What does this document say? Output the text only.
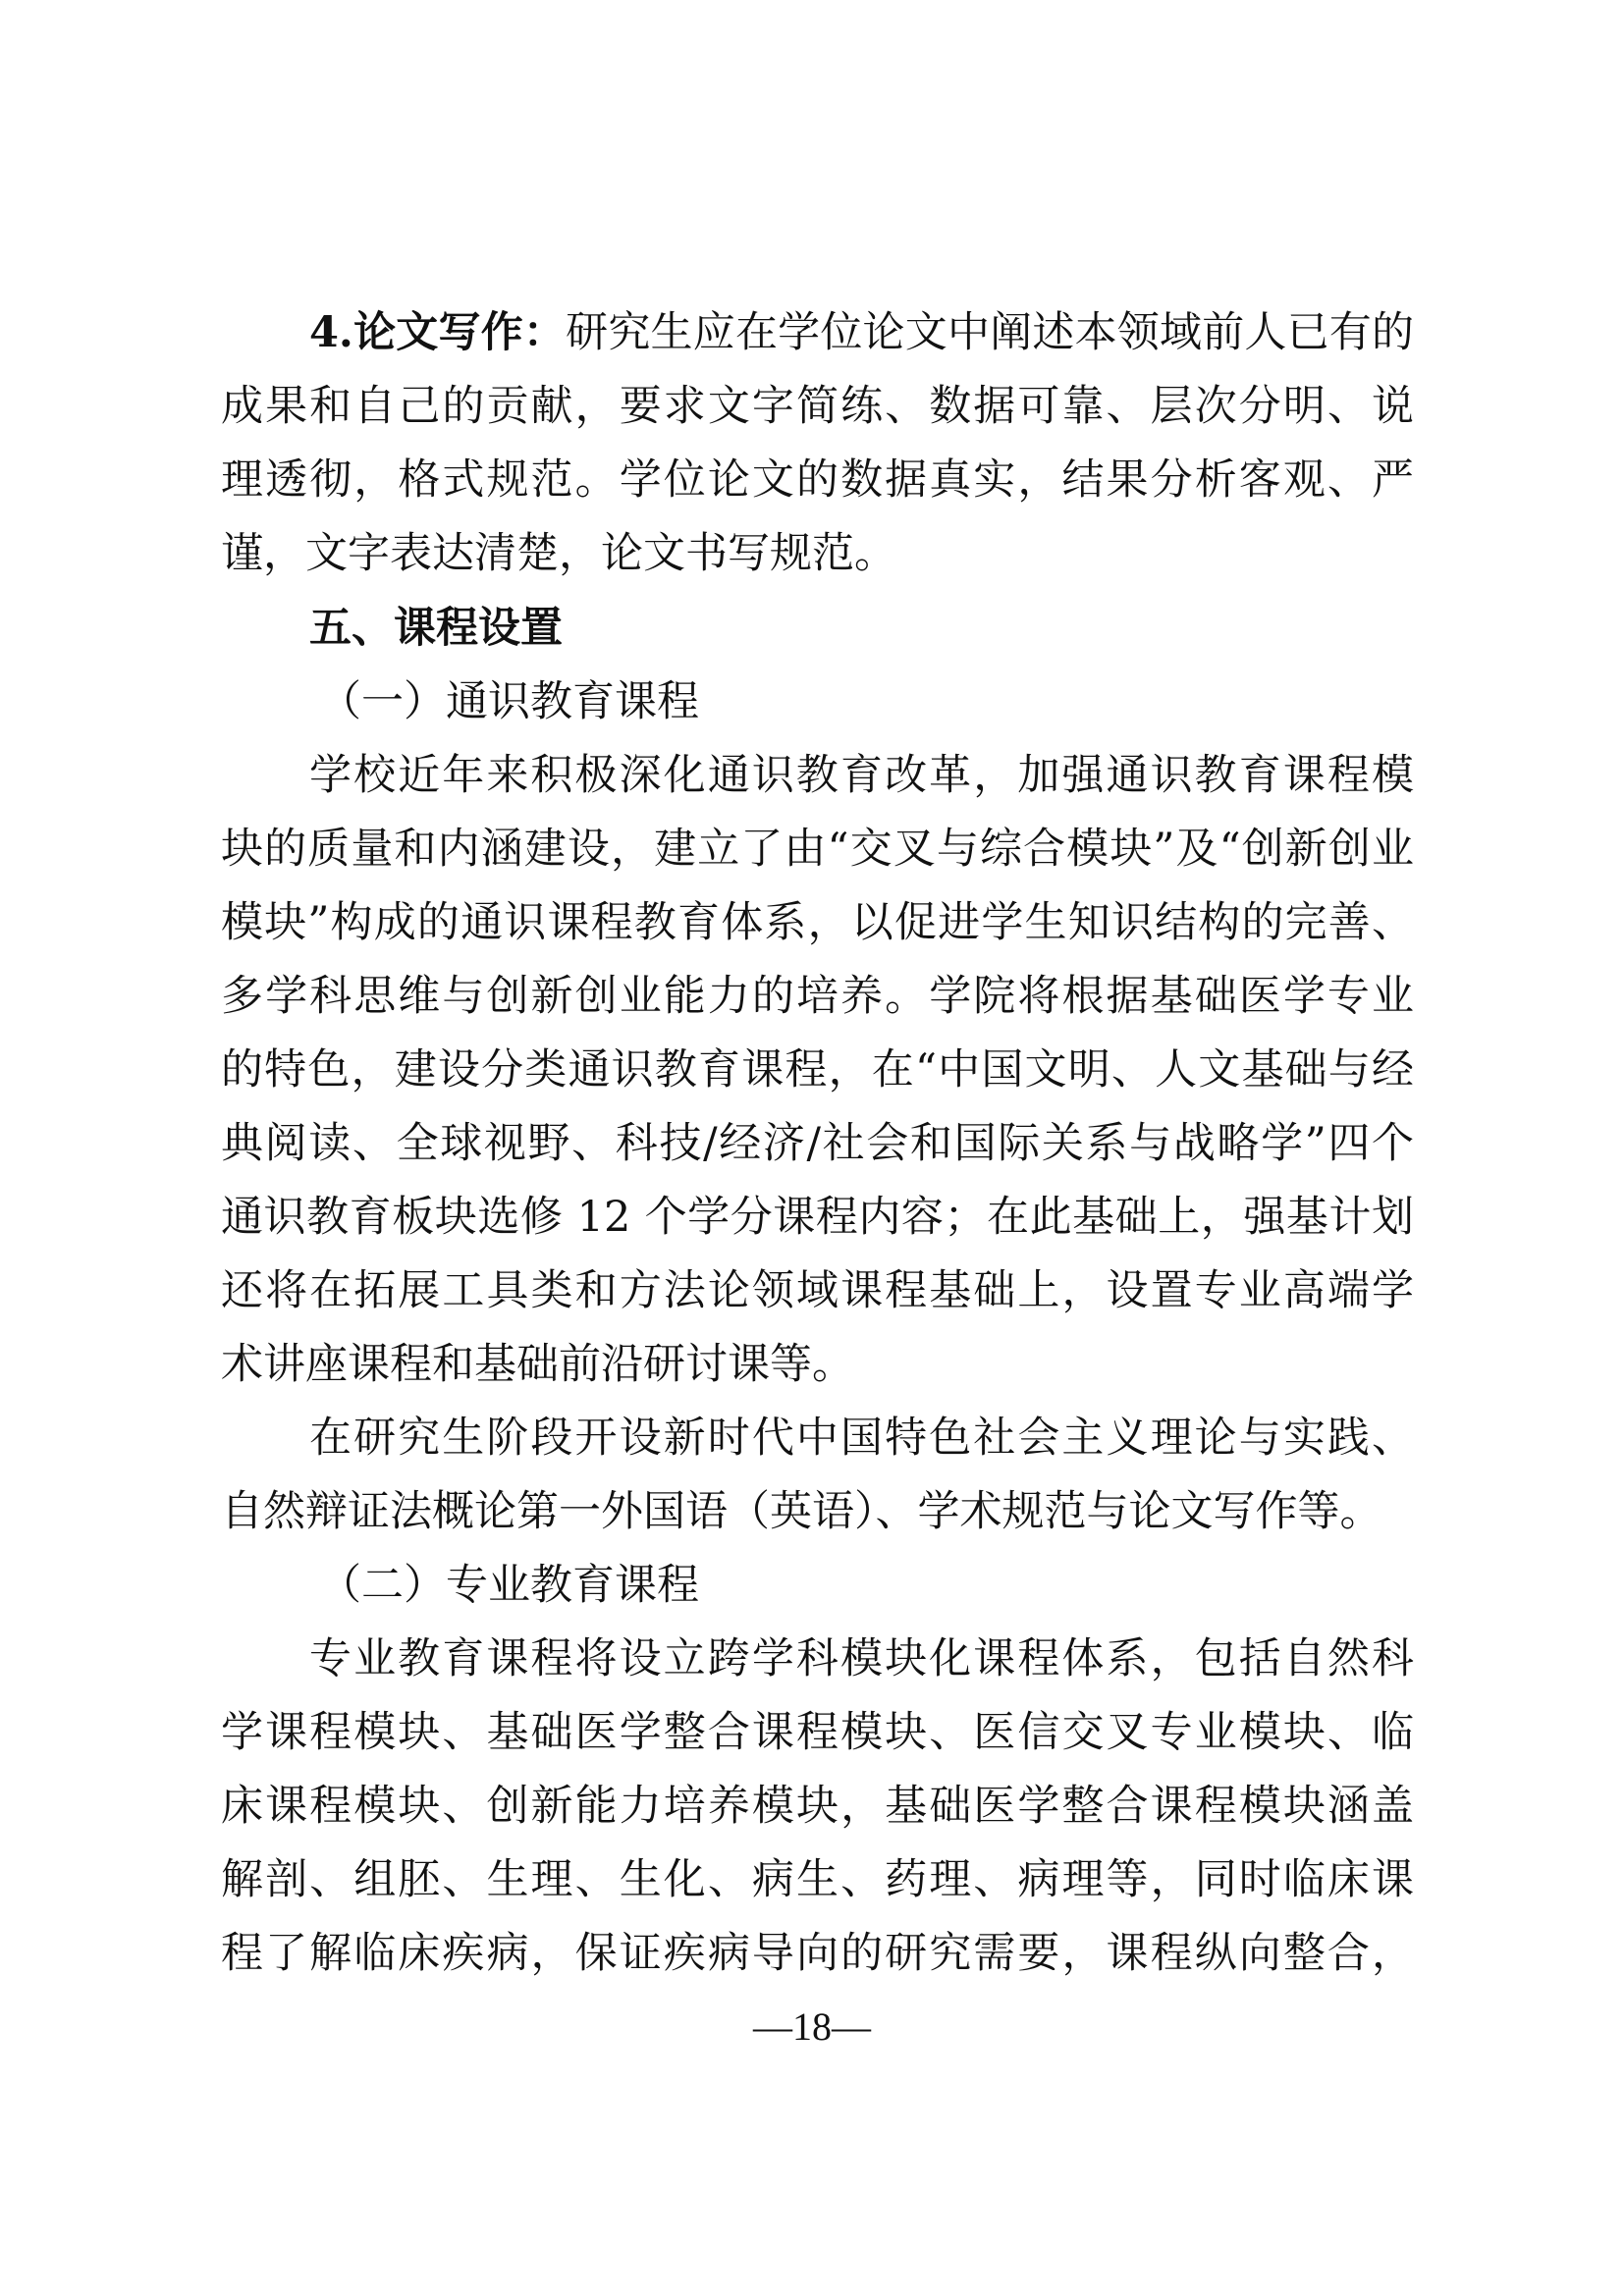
4.论文写作：研究生应在学位论文中阐述本领域前人已有的
成果和自己的贡献，要求文字简练、数据可靠、层次分明、说
理透彻，格式规范。学位论文的数据真实，结果分析客观、严
谨，文字表达清楚，论文书写规范。
五、课程设置
（一）通识教育课程
学校近年来积极深化通识教育改革，加强通识教育课程模
块的质量和内涵建设，建立了由“交叉与综合模块”及“创新创业
模块”构成的通识课程教育体系，以促进学生知识结构的完善、
多学科思维与创新创业能力的培养。学院将根据基础医学专业
的特色，建设分类通识教育课程，在“中国文明、人文基础与经
典阅读、全球视野、科技/经济/社会和国际关系与战略学”四个
通识教育板块选修 12 个学分课程内容；在此基础上，强基计划
还将在拓展工具类和方法论领域课程基础上，设置专业高端学
术讲座课程和基础前沿研讨课等。
在研究生阶段开设新时代中国特色社会主义理论与实践、
自然辩证法概论第一外国语（英语）、学术规范与论文写作等。
（二）专业教育课程
专业教育课程将设立跨学科模块化课程体系，包括自然科
学课程模块、基础医学整合课程模块、医信交叉专业模块、临
床课程模块、创新能力培养模块，基础医学整合课程模块涵盖
解剖、组胚、生理、生化、病生、药理、病理等，同时临床课
程了解临床疾病，保证疾病导向的研究需要，课程纵向整合，
—18—
